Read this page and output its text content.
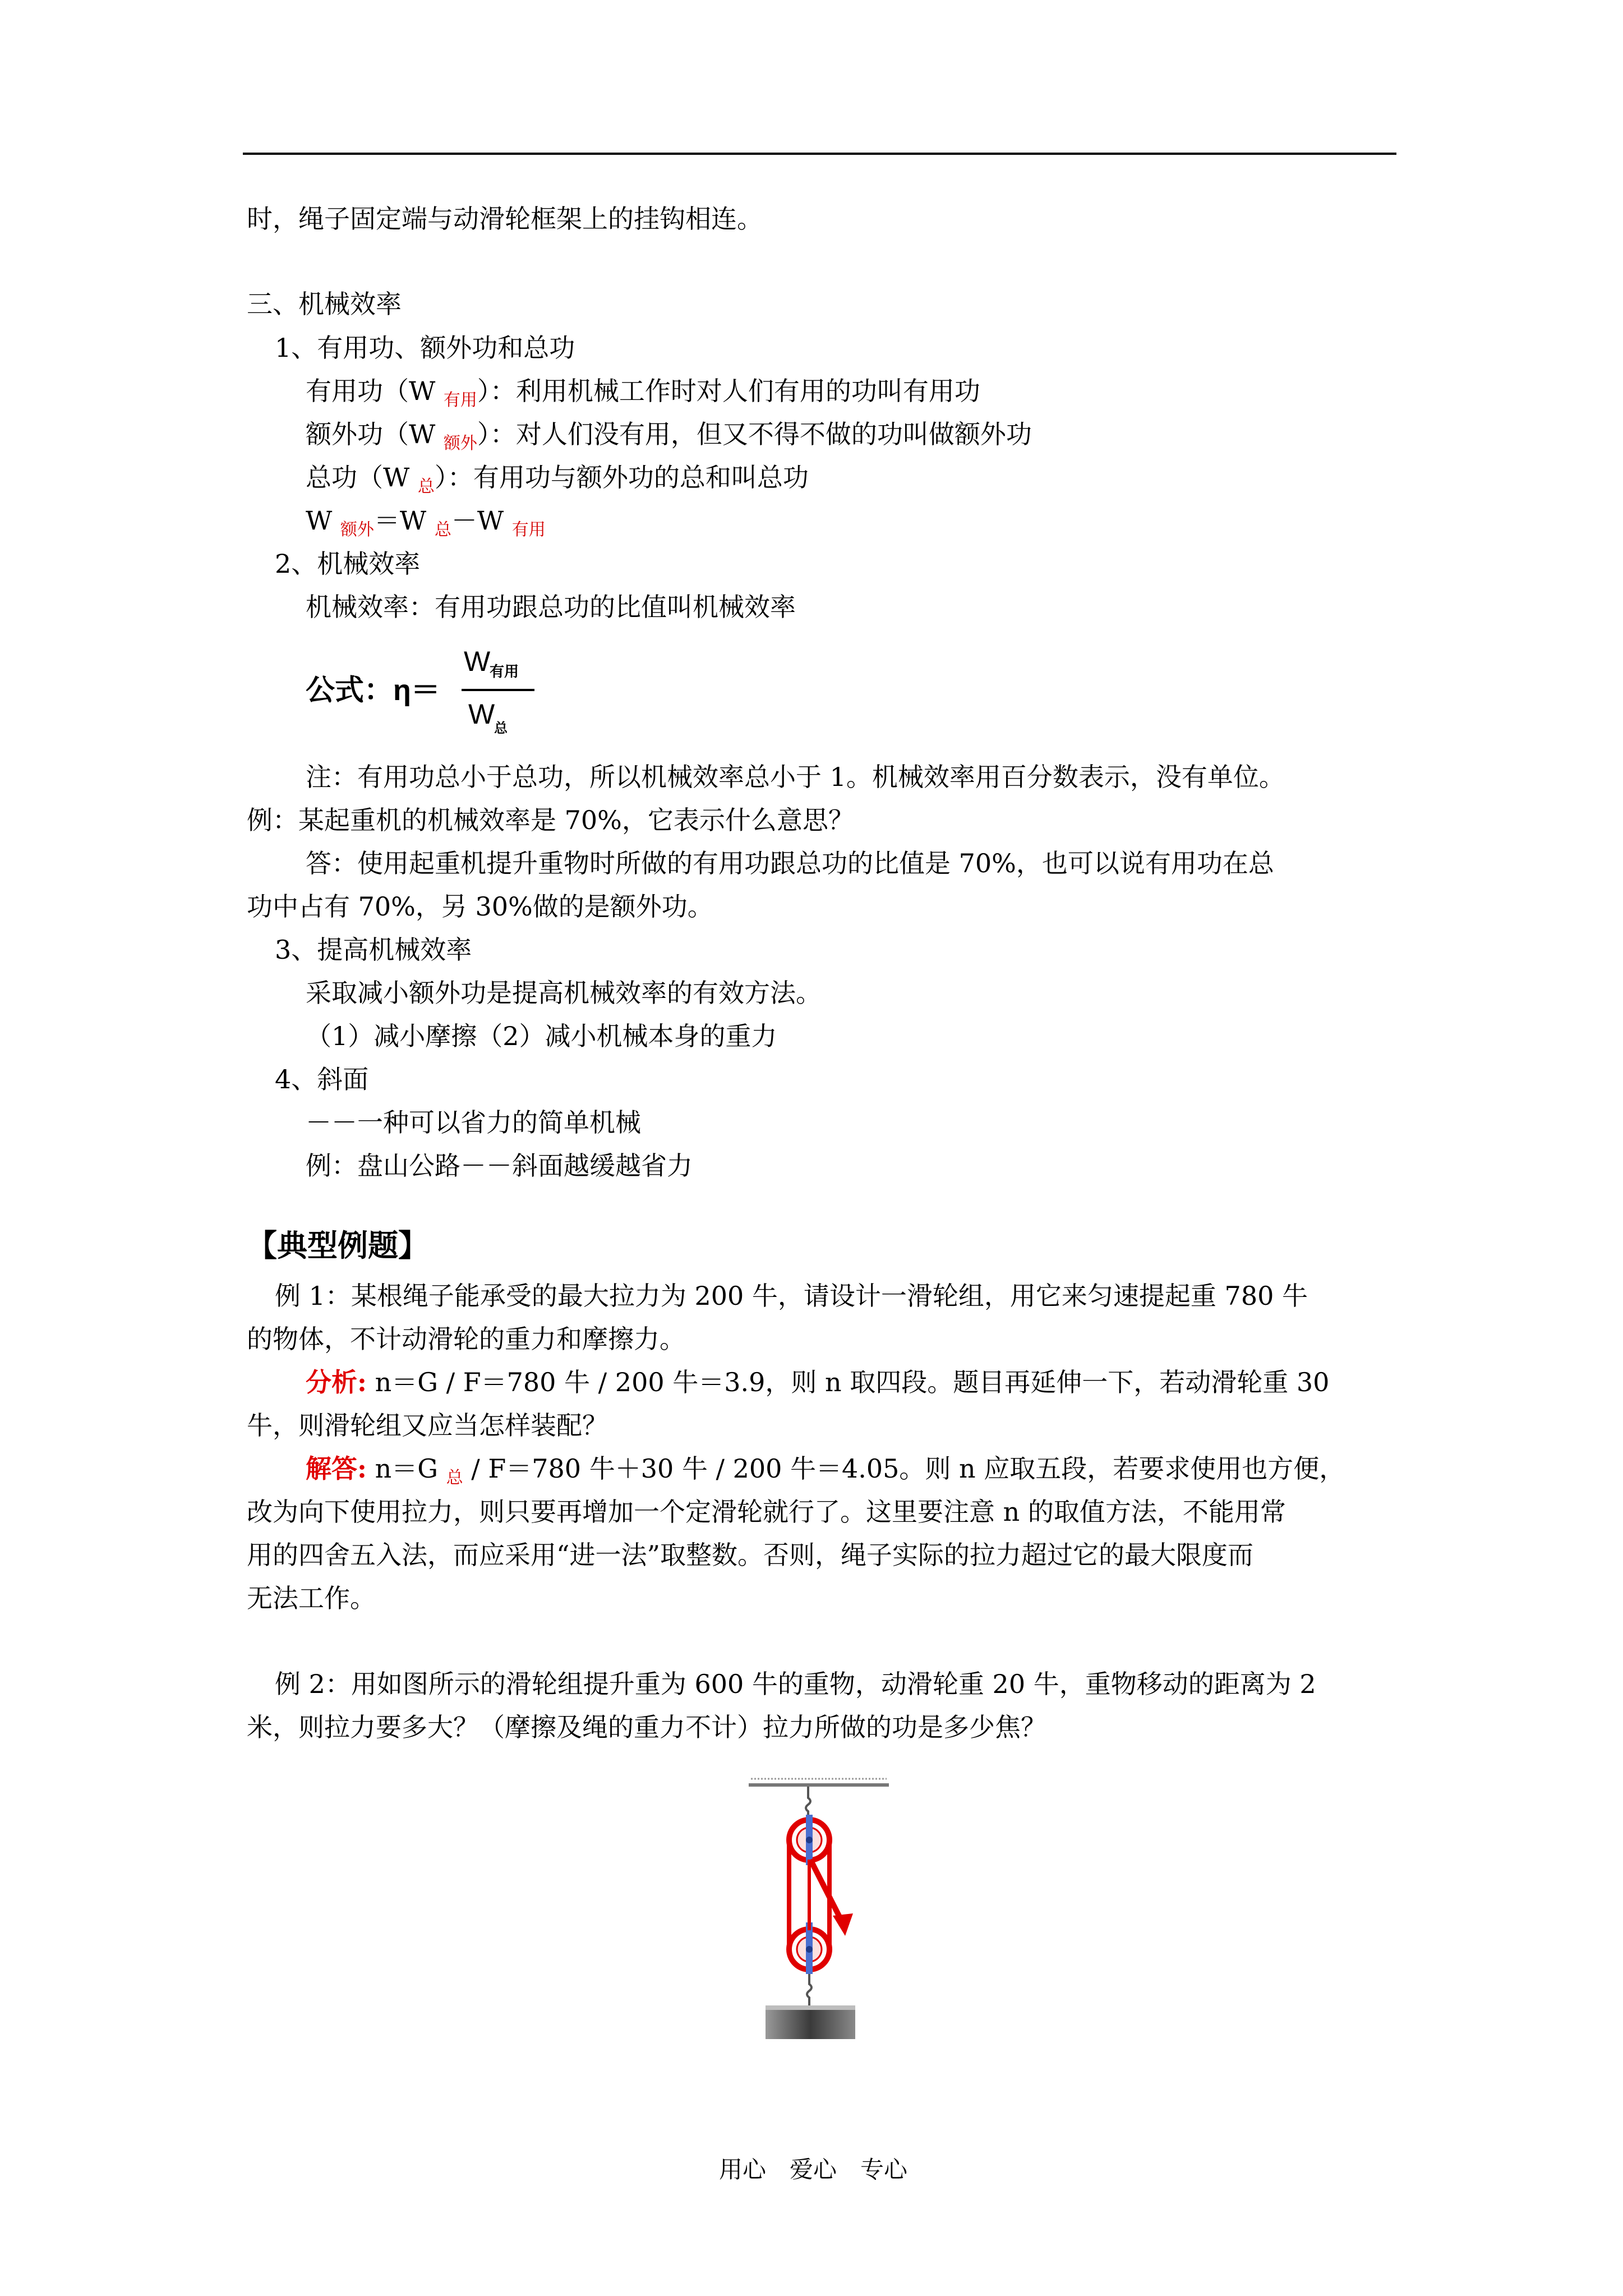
时，绳子固定端与动滑轮框架上的挂钩相连。
三、机械效率
1、有用功、额外功和总功
有用功（W $_{有用}$）：利用机械工作时对人们有用的功叫有用功
额外功（W $_{额外}$）：对人们没有用，但又不得不做的功叫做额外功
总功（W $_总$）：有用功与额外功的总和叫总功
W $_{额外}$＝W $_总$－W $_{有用}$
2、机械效率
机械效率：有用功跟总功的比值叫机械效率
公式：η＝
W
有用
W
总
注：有用功总小于总功，所以机械效率总小于 1。机械效率用百分数表示，没有单位。
例：某起重机的机械效率是 70%，它表示什么意思？
答：使用起重机提升重物时所做的有用功跟总功的比值是 70%，也可以说有用功在总
功中占有 70%，另 30%做的是额外功。
3、提高机械效率
采取减小额外功是提高机械效率的有效方法。
（1）减小摩擦（2）减小机械本身的重力
4、斜面
－－一种可以省力的简单机械
例：盘山公路－－斜面越缓越省力
【典型例题】
例 1：某根绳子能承受的最大拉力为 200 牛，请设计一滑轮组，用它来匀速提起重 780 牛
的物体，不计动滑轮的重力和摩擦力。
分析: n＝G / F＝780 牛 / 200 牛＝3.9，则 n 取四段。题目再延伸一下，若动滑轮重 30
牛，则滑轮组又应当怎样装配？
解答: n＝G $_总$ / F＝780 牛＋30 牛 / 200 牛＝4.05。则 n 应取五段，若要求使用也方便，
改为向下使用拉力，则只要再增加一个定滑轮就行了。这里要注意 n 的取值方法，不能用常
用的四舍五入法，而应采用“进一法”取整数。否则，绳子实际的拉力超过它的最大限度而
无法工作。
例 2：用如图所示的滑轮组提升重为 600 牛的重物，动滑轮重 20 牛，重物移动的距离为 2
米，则拉力要多大？（摩擦及绳的重力不计）拉力所做的功是多少焦？
用心　爱心　专心
